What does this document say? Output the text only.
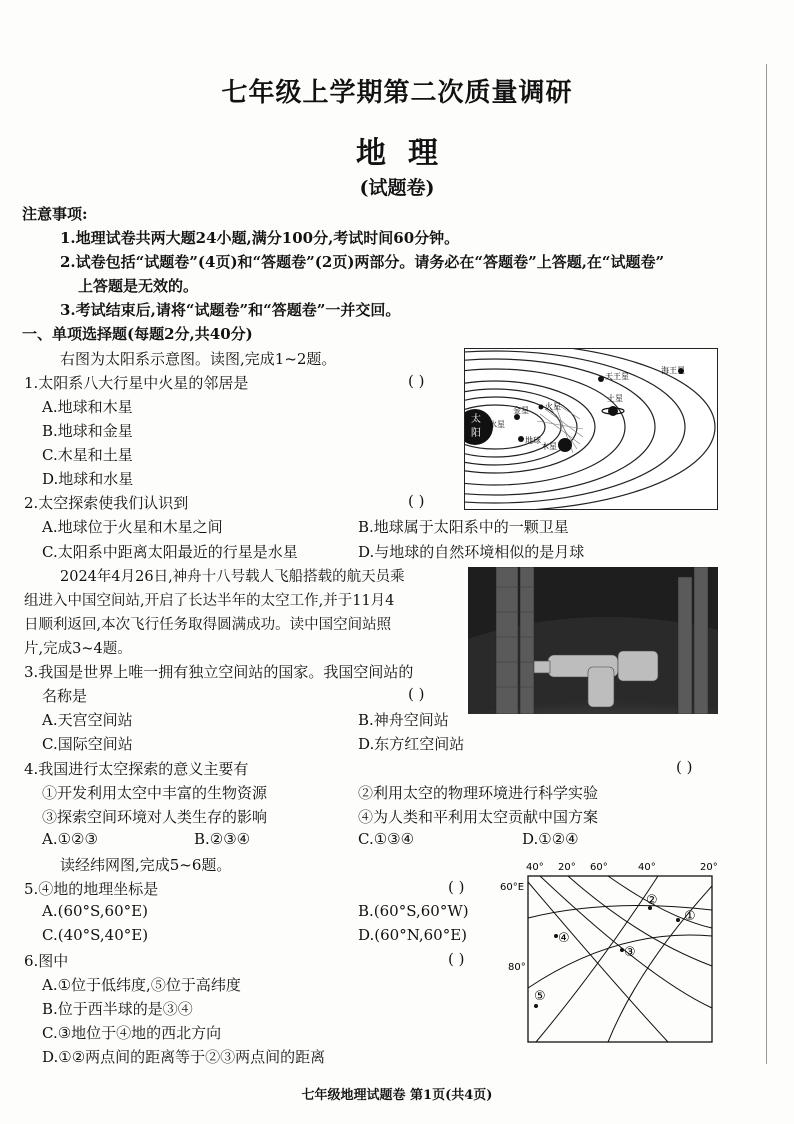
七年级上学期第二次质量调研
地理
(试题卷)
注意事项:
1.地理试卷共两大题24小题,满分100分,考试时间60分钟。
2.试卷包括“试题卷”(4页)和“答题卷”(2页)两部分。请务必在“答题卷”上答题,在“试题卷”
上答题是无效的。
3.考试结束后,请将“试题卷”和“答题卷”一并交回。
一、单项选择题(每题2分,共40分)
右图为太阳系示意图。读图,完成1~2题。
1.太阳系八大行星中火星的邻居是	( )
A.地球和木星
B.地球和金星
C.木星和土星
D.地球和水星
太
阳
水星
金星
地球
火星
木星
土星
天王星
海王星
2.太空探索使我们认识到	( )
A.地球位于火星和木星之间	B.地球属于太阳系中的一颗卫星
C.太阳系中距离太阳最近的行星是水星	D.与地球的自然环境相似的是月球
2024年4月26日,神舟十八号载人飞船搭载的航天员乘
组进入中国空间站,开启了长达半年的太空工作,并于11月4
日顺利返回,本次飞行任务取得圆满成功。读中国空间站照
片,完成3~4题。
3.我国是世界上唯一拥有独立空间站的国家。我国空间站的
名称是	( )
A.天宫空间站	B.神舟空间站
C.国际空间站	D.东方红空间站
4.我国进行太空探索的意义主要有	( )
①开发利用太空中丰富的生物资源	②利用太空的物理环境进行科学实验
③探索空间环境对人类生存的影响	④为人类和平利用太空贡献中国方案
A.①②③	B.②③④	C.①③④	D.①②④
读经纬网图,完成5~6题。
5.④地的地理坐标是	( )
A.(60°S,60°E)	B.(60°S,60°W)
C.(40°S,40°E)	D.(60°N,60°E)
6.图中	( )
A.①位于低纬度,⑤位于高纬度
B.位于西半球的是③④
C.③地位于④地的西北方向
D.①②两点间的距离等于②③两点间的距离
40° 20° 60°	40°	20°
60°E
80°
①
②
③
④
⑤
七年级地理试题卷 第1页(共4页)
